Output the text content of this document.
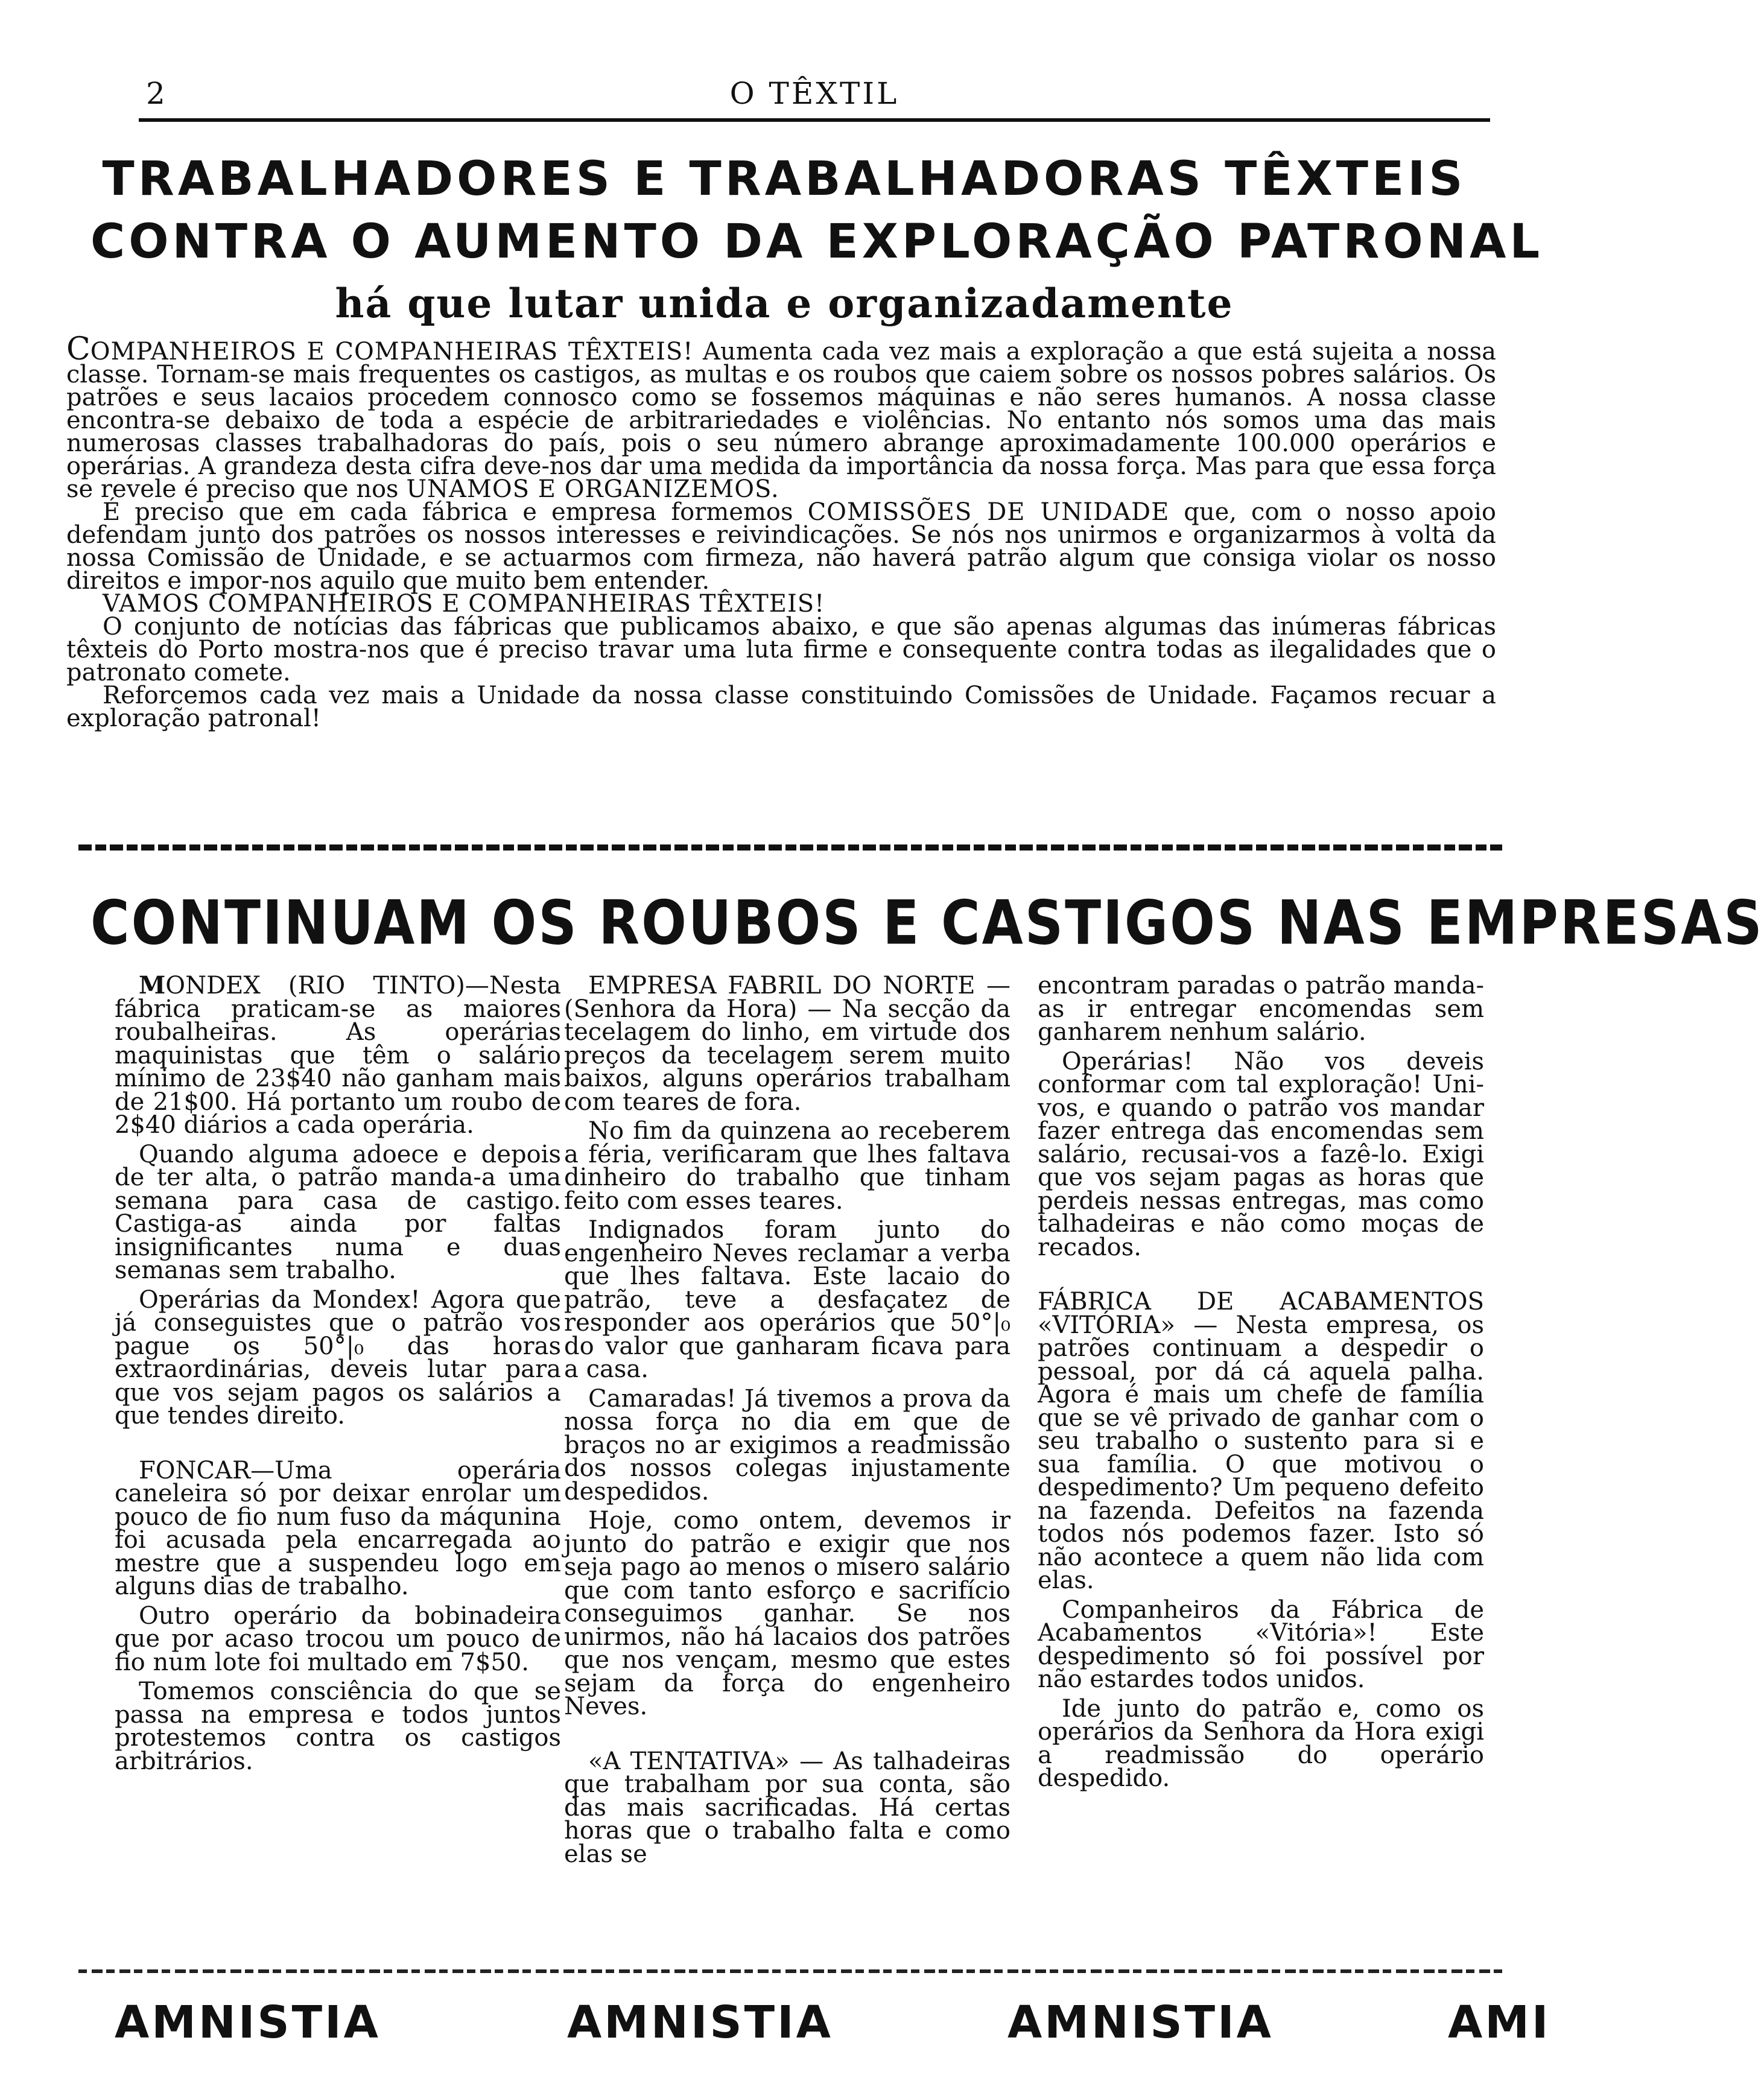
2	O TÊXTIL
TRABALHADORES E TRABALHADORAS TÊXTEIS
CONTRA O AUMENTO DA EXPLORAÇÃO PATRONAL
há que lutar unida e organizadamente

COMPANHEIROS E COMPANHEIRAS TÊXTEIS! Aumenta cada vez mais a exploração a que está sujeita a nossa classe. Tornam-se mais frequentes os castigos, as multas e os roubos que caiem sobre os nossos pobres salários. Os patrões e seus lacaios procedem connosco como se fossemos máquinas e não seres humanos. A nossa classe encontra-se debaixo de toda a espécie de arbitrariedades e violências. No entanto nós somos uma das mais numerosas classes trabalhadoras do país, pois o seu número abrange aproximadamente 100.000 operários e operárias. A grandeza desta cifra deve-nos dar uma medida da importância da nossa força. Mas para que essa força se revele é preciso que nos UNAMOS E ORGANIZEMOS.

É preciso que em cada fábrica e empresa formemos COMISSÕES DE UNIDADE que, com o nosso apoio defendam junto dos patrões os nossos interesses e reivindicações. Se nós nos unirmos e organizarmos à volta da nossa Comissão de Unidade, e se actuarmos com firmeza, não haverá patrão algum que consiga violar os nosso direitos e impor-nos aquilo que muito bem entender.

VAMOS COMPANHEIROS E COMPANHEIRAS TÊXTEIS!

O conjunto de notícias das fábricas que publicamos abaixo, e que são apenas algumas das inúmeras fábricas têxteis do Porto mostra-nos que é preciso travar uma luta firme e consequente contra todas as ilegalidades que o patronato comete.

Reforcemos cada vez mais a Unidade da nossa classe constituindo Comissões de Unidade. Façamos recuar a exploração patronal!

CONTINUAM OS ROUBOS E CASTIGOS NAS EMPRESAS

MONDEX (RIO TINTO)—Nesta fábrica praticam-se as maiores roubalheiras. As operárias maquinistas que têm o salário mínimo de 23$40 não ganham mais de 21$00. Há portanto um roubo de 2$40 diários a cada operária.

Quando alguma adoece e depois de ter alta, o patrão manda-a uma semana para casa de castigo. Castiga-as ainda por faltas insignificantes numa e duas semanas sem trabalho.

Operárias da Mondex! Agora que já conseguistes que o patrão vos pague os 50°|₀ das horas extraordinárias, deveis lutar para que vos sejam pagos os salários a que tendes direito.

FONCAR—Uma operária caneleira só por deixar enrolar um pouco de fio num fuso da máqunina foi acusada pela encarregada ao mestre que a suspendeu logo em alguns dias de trabalho.

Outro operário da bobinadeira que por acaso trocou um pouco de fio num lote foi multado em 7$50.

Tomemos consciência do que se passa na empresa e todos juntos protestemos contra os castigos arbitrários.

EMPRESA FABRIL DO NORTE — (Senhora da Hora) — Na secção da tecelagem do linho, em virtude dos preços da tecelagem serem muito baixos, alguns operários trabalham com teares de fora.

No fim da quinzena ao receberem a féria, verificaram que lhes faltava dinheiro do trabalho que tinham feito com esses teares.

Indignados foram junto do engenheiro Neves reclamar a verba que lhes faltava. Este lacaio do patrão, teve a desfaçatez de responder aos operários que 50°|₀ do valor que ganharam ficava para a casa.

Camaradas! Já tivemos a prova da nossa força no dia em que de braços no ar exigimos a readmissão dos nossos colegas injustamente despedidos.

Hoje, como ontem, devemos ir junto do patrão e exigir que nos seja pago ao menos o mísero salário que com tanto esforço e sacrifício conseguimos ganhar. Se nos unirmos, não há lacaios dos patrões que nos vençam, mesmo que estes sejam da força do engenheiro Neves.

«A TENTATIVA» — As talhadeiras que trabalham por sua conta, são das mais sacrificadas. Há certas horas que o trabalho falta e como elas se

encontram paradas o patrão manda-as ir entregar encomendas sem ganharem nenhum salário.

Operárias! Não vos deveis conformar com tal exploração! Uni-vos, e quando o patrão vos mandar fazer entrega das encomendas sem salário, recusai-vos a fazê-lo. Exigi que vos sejam pagas as horas que perdeis nessas entregas, mas como talhadeiras e não como moças de recados.

FÁBRICA DE ACABAMENTOS «VITÓRIA» — Nesta empresa, os patrões continuam a despedir o pessoal, por dá cá aquela palha. Agora é mais um chefe de família que se vê privado de ganhar com o seu trabalho o sustento para si e sua família. O que motivou o despedimento? Um pequeno defeito na fazenda. Defeitos na fazenda todos nós podemos fazer. Isto só não acontece a quem não lida com elas.

Companheiros da Fábrica de Acabamentos «Vitória»! Este despedimento só foi possível por não estardes todos unidos.

Ide junto do patrão e, como os operários da Senhora da Hora exigi a readmissão do operário despedido.

AMNISTIA	AMNISTIA	AMNISTIA	AMI
